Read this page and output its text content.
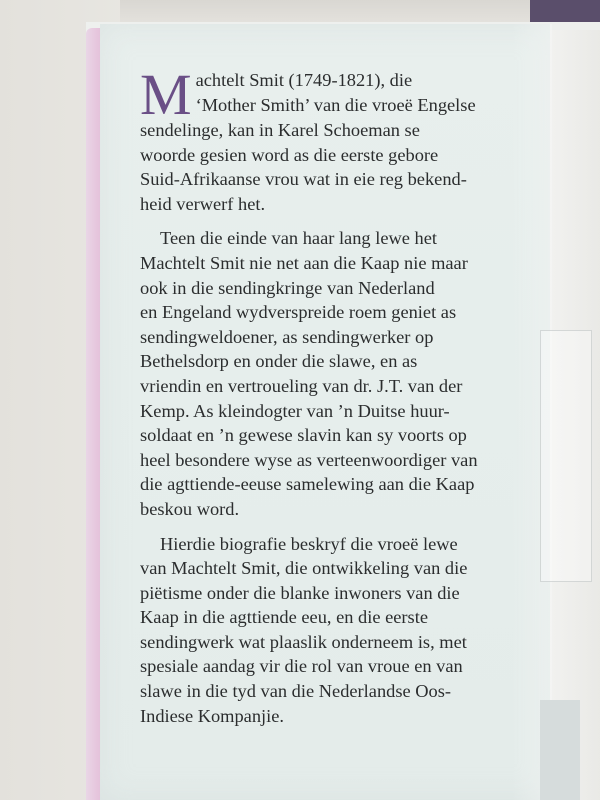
M achtelt Smit (1749-1821), die
‘Mother Smith’ van die vroeë Engelse
sendelinge, kan in Karel Schoeman se
woorde gesien word as die eerste gebore
Suid-Afrikaanse vrou wat in eie reg bekend-
heid verwerf het.

Teen die einde van haar lang lewe het
Machtelt Smit nie net aan die Kaap nie maar
ook in die sendingkringe van Nederland
en Engeland wydverspreide roem geniet as
sendingweldoener, as sendingwerker op
Bethelsdorp en onder die slawe, en as
vriendin en vertroueling van dr. J.T. van der
Kemp. As kleindogter van ’n Duitse huur-
soldaat en ’n gewese slavin kan sy voorts op
heel besondere wyse as verteenwoordiger van
die agttiende-eeuse samelewing aan die Kaap
beskou word.

Hierdie biografie beskryf die vroeë lewe
van Machtelt Smit, die ontwikkeling van die
piëtisme onder die blanke inwoners van die
Kaap in die agttiende eeu, en die eerste
sendingwerk wat plaaslik onderneem is, met
spesiale aandag vir die rol van vroue en van
slawe in die tyd van die Nederlandse Oos-
Indiese Kompanjie.
